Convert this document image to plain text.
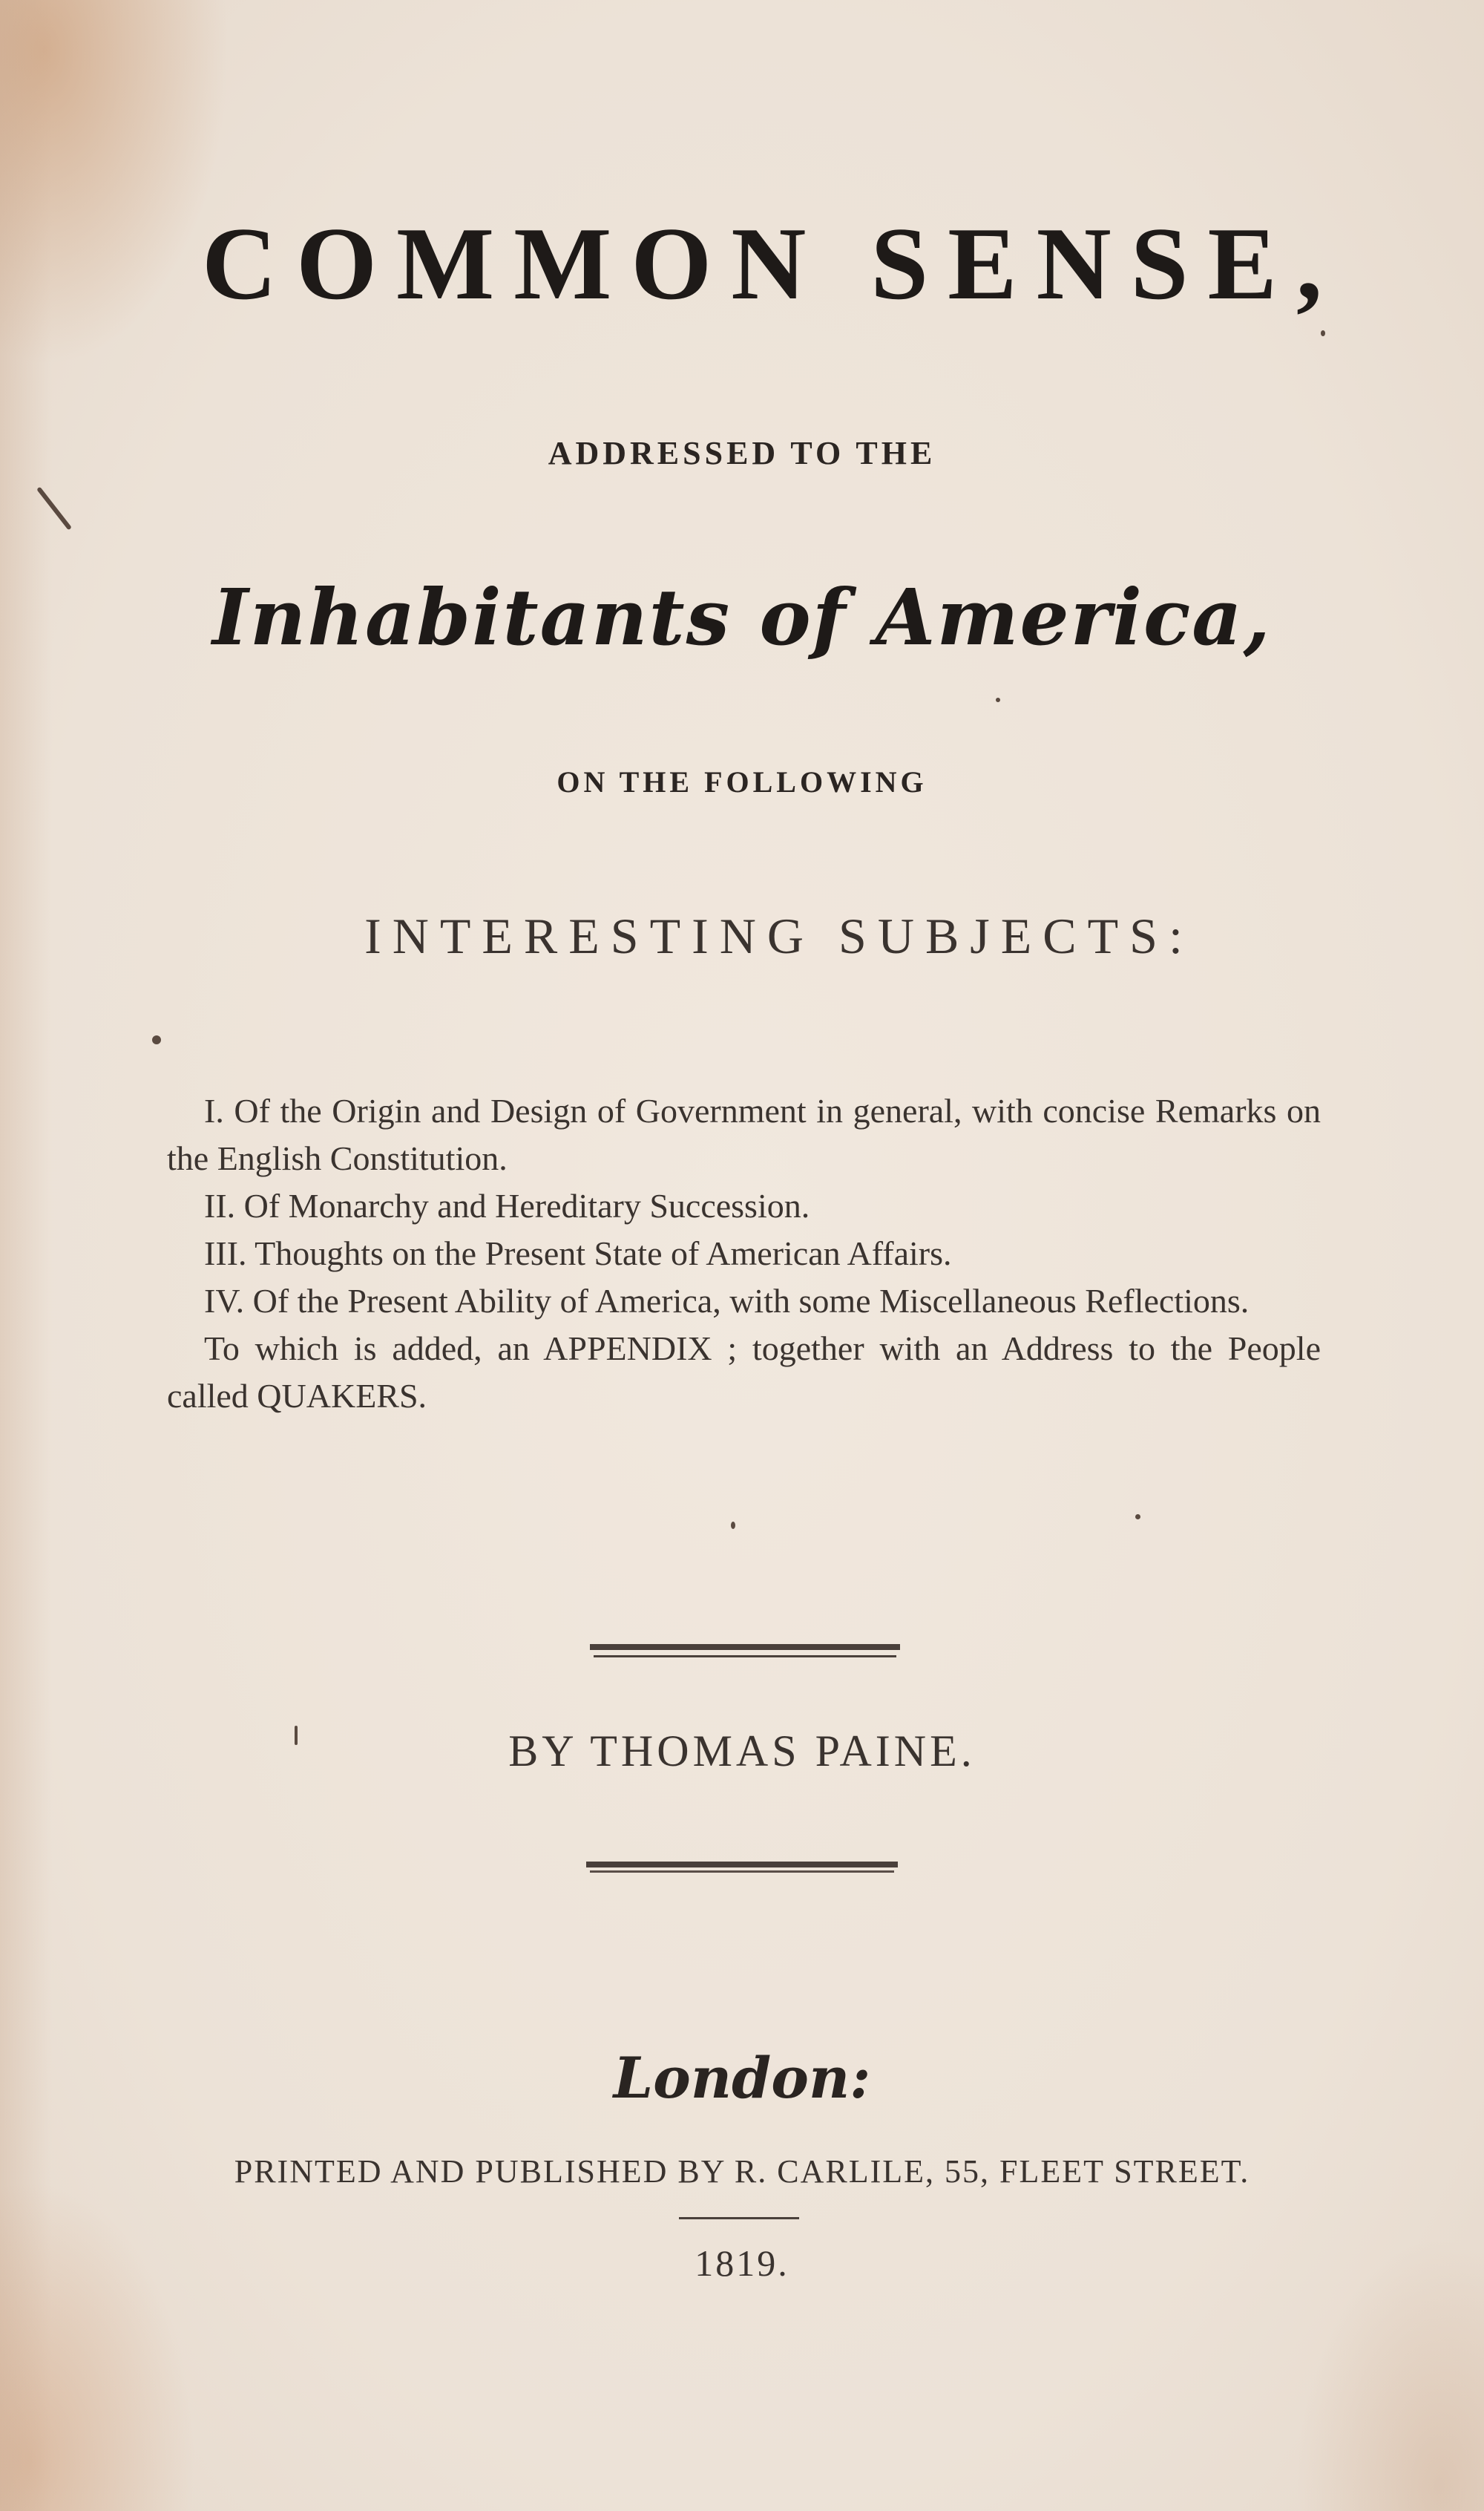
COMMON SENSE,
ADDRESSED TO THE
Inhabitants of America,
ON THE FOLLOWING
INTERESTING SUBJECTS:

I. Of the Origin and Design of Government in general, with concise Remarks on the English Constitution.

II. Of Monarchy and Hereditary Succession.

III. Thoughts on the Present State of American Affairs.

IV. Of the Present Ability of America, with some Miscellaneous Reflections.

To which is added, an APPENDIX ; together with an Address to the People called QUAKERS.

BY THOMAS PAINE.
London:
PRINTED AND PUBLISHED BY R. CARLILE, 55, FLEET STREET.
1819.
